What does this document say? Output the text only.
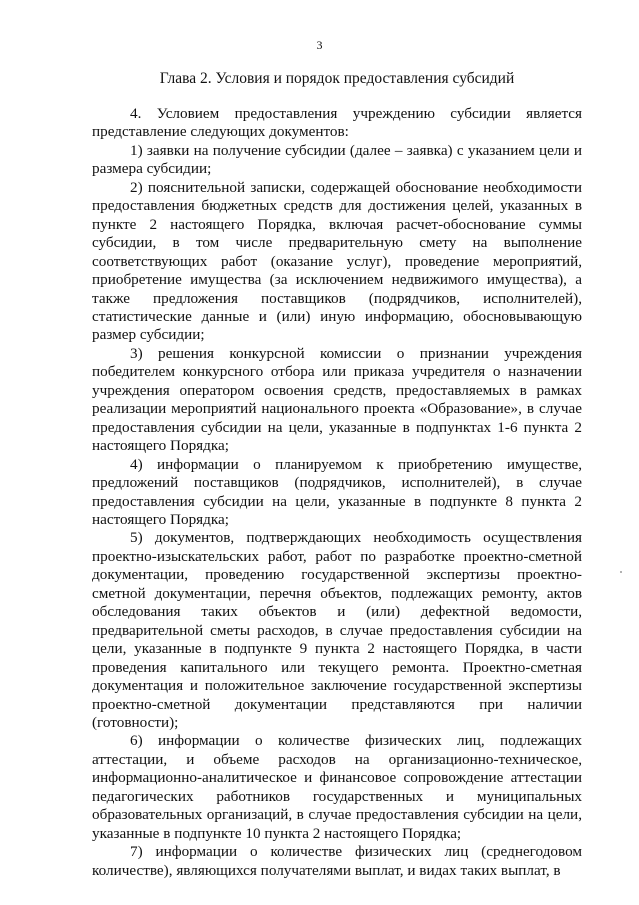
3
Глава 2. Условия и порядок предоставления субсидий

4. Условием предоставления учреждению субсидии является представление следующих документов:

1) заявки на получение субсидии (далее – заявка) с указанием цели и размера субсидии;

2) пояснительной записки, содержащей обоснование необходимости предоставления бюджетных средств для достижения целей, указанных в пункте 2 настоящего Порядка, включая расчет-обоснование суммы субсидии, в том числе предварительную смету на выполнение соответствующих работ (оказание услуг), проведение мероприятий, приобретение имущества (за исключением недвижимого имущества), а также предложения поставщиков (подрядчиков, исполнителей), статистические данные и (или) иную информацию, обосновывающую размер субсидии;

3) решения конкурсной комиссии о признании учреждения победителем конкурсного отбора или приказа учредителя о назначении учреждения оператором освоения средств, предоставляемых в рамках реализации мероприятий национального проекта «Образование», в случае предоставления субсидии на цели, указанные в подпунктах 1-6 пункта 2 настоящего Порядка;

4) информации о планируемом к приобретению имуществе, предложений поставщиков (подрядчиков, исполнителей), в случае предоставления субсидии на цели, указанные в подпункте 8 пункта 2 настоящего Порядка;

5) документов, подтверждающих необходимость осуществления проектно-изыскательских работ, работ по разработке проектно-сметной документации, проведению государственной экспертизы проектно-сметной документации, перечня объектов, подлежащих ремонту, актов обследования таких объектов и (или) дефектной ведомости, предварительной сметы расходов, в случае предоставления субсидии на цели, указанные в подпункте 9 пункта 2 настоящего Порядка, в части проведения капитального или текущего ремонта. Проектно-сметная документация и положительное заключение государственной экспертизы проектно-сметной документации представляются при наличии (готовности);

6) информации о количестве физических лиц, подлежащих аттестации, и объеме расходов на организационно-техническое, информационно-аналитическое и финансовое сопровождение аттестации педагогических работников государственных и муниципальных образовательных организаций, в случае предоставления субсидии на цели, указанные в подпункте 10 пункта 2 настоящего Порядка;

7) информации о количестве физических лиц (среднегодовом количестве), являющихся получателями выплат, и видах таких выплат, в
